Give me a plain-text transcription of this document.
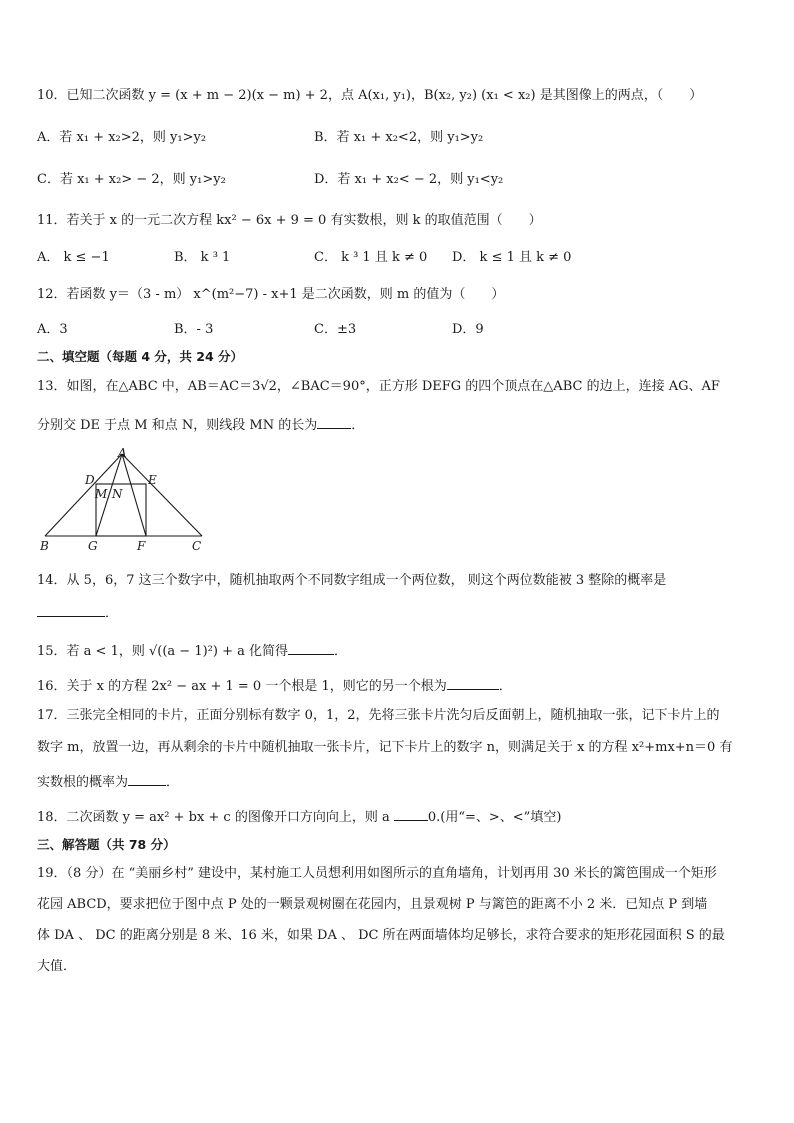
10．已知二次函数 y = (x + m − 2)(x − m) + 2，点 A(x₁, y₁)，B(x₂, y₂) (x₁ < x₂) 是其图像上的两点，（　　）
A．若 x₁ + x₂>2，则 y₁>y₂	B．若 x₁ + x₂<2，则 y₁>y₂
C．若 x₁ + x₂> − 2，则 y₁>y₂	D．若 x₁ + x₂< − 2，则 y₁<y₂
11．若关于 x 的一元二次方程 kx² − 6x + 9 = 0 有实数根，则 k 的取值范围（　　）
A． k ≤ −1	B． k ³ 1	C． k ³ 1 且 k ≠ 0 D． k ≤ 1 且 k ≠ 0
12．若函数 y＝（3 - m） x^(m²−7) - x+1 是二次函数，则 m 的值为（　　）
A．3	B．- 3	C．±3	D．9
二、填空题（每题 4 分，共 24 分）
13．如图，在△ABC 中，AB＝AC＝3√2，∠BAC＝90°，正方形 DEFG 的四个顶点在△ABC 的边上，连接 AG、AF
分别交 DE 于点 M 和点 N，则线段 MN 的长为	．
A
B	C
D	E
F
G
M N
14．从 5，6，7 这三个数字中，随机抽取两个不同数字组成一个两位数， 则这个两位数能被 3 整除的概率是
．
15．若 a < 1，则 √((a − 1)²) + a 化简得	．
16．关于 x 的方程 2x² − ax + 1 = 0 一个根是 1，则它的另一个根为	．
17．三张完全相同的卡片，正面分别标有数字 0，1，2，先将三张卡片洗匀后反面朝上，随机抽取一张，记下卡片上的
数字 m，放置一边，再从剩余的卡片中随机抽取一张卡片，记下卡片上的数字 n，则满足关于 x 的方程 x²+mx+n＝0 有
实数根的概率为	．
18．二次函数 y = ax² + bx + c 的图像开口方向向上，则 a	0.(用“=、>、<”填空)
三、解答题（共 78 分）
19．（8 分）在 “美丽乡村” 建设中，某村施工人员想利用如图所示的直角墙角，计划再用 30 米长的篱笆围成一个矩形
花园 ABCD，要求把位于图中点 P 处的一颗景观树圈在花园内，且景观树 P 与篱笆的距离不小 2 米．已知点 P 到墙
体 DA 、 DC 的距离分别是 8 米、16 米，如果 DA 、 DC 所在两面墙体均足够长，求符合要求的矩形花园面积 S 的最
大值．
